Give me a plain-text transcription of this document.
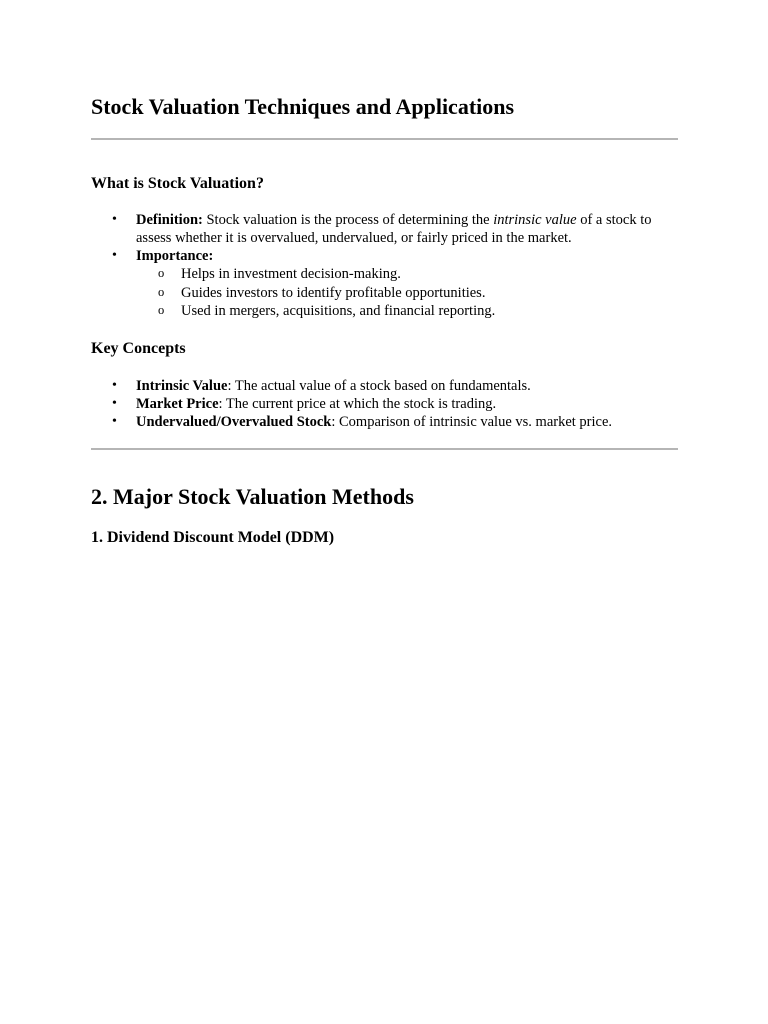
Stock Valuation Techniques and Applications
What is Stock Valuation?
• Definition: Stock valuation is the process of determining the intrinsic value of a stock to assess whether it is overvalued, undervalued, or fairly priced in the market.
• Importance:
o Helps in investment decision-making.
o Guides investors to identify profitable opportunities.
o Used in mergers, acquisitions, and financial reporting.
Key Concepts
• Intrinsic Value: The actual value of a stock based on fundamentals.
• Market Price: The current price at which the stock is trading.
• Undervalued/Overvalued Stock: Comparison of intrinsic value vs. market price.
2. Major Stock Valuation Methods
1. Dividend Discount Model (DDM)
